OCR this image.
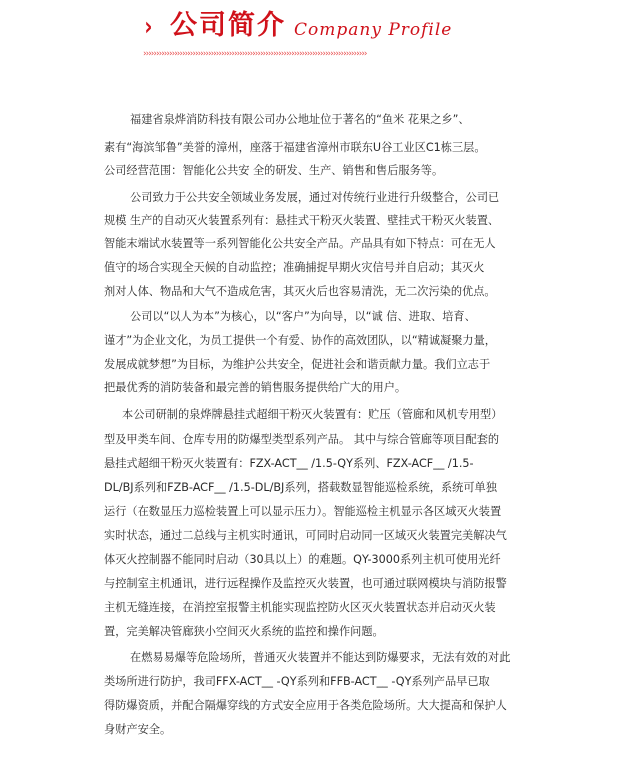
› 公司简介 Company Profile
››››››››››››››››››››››››››››››››››››››››››››››››››››››››››››››››››››››››››››››››››››››
福建省泉烨消防科技有限公司办公地址位于著名的“鱼米 花果之乡”、
素有“海滨邹鲁”美誉的漳州，座落于福建省漳州市联东U谷工业区C1栋三层。
公司经营范围：智能化公共安 全的研发、生产、销售和售后服务等。
公司致力于公共安全领域业务发展，通过对传统行业进行升级整合，公司已
规模 生产的自动灭火装置系列有：悬挂式干粉灭火装置、壁挂式干粉灭火装置、
智能末端试水装置等一系列智能化公共安全产品。产品具有如下特点：可在无人
值守的场合实现全天候的自动监控；准确捕捉早期火灾信号并自启动；其灭火
剂对人体、物品和大气不造成危害，其灭火后也容易清洗，无二次污染的优点。
公司以“以人为本”为核心，以“客户”为向导，以“诚 信、进取、培育、
谨才”为企业文化，为员工提供一个有爱、协作的高效团队，以“精诚凝聚力量，
发展成就梦想”为目标，为维护公共安全，促进社会和谐贡献力量。我们立志于
把最优秀的消防装备和最完善的销售服务提供给广大的用户。
本公司研制的泉烨牌悬挂式超细干粉灭火装置有：贮压（管廊和风机专用型）
型及甲类车间、仓库专用的防爆型类型系列产品。 其中与综合管廊等项目配套的
悬挂式超细干粉灭火装置有：FZX-ACT__ /1.5-QY系列、FZX-ACF__ /1.5-
DL/BJ系列和FZB-ACF__ /1.5-DL/BJ系列，搭载数显智能巡检系统，系统可单独
运行（在数显压力巡检装置上可以显示压力）。智能巡检主机显示各区域灭火装置
实时状态，通过二总线与主机实时通讯，可同时启动同一区域灭火装置完美解决气
体灭火控制器不能同时启动（30具以上）的难题。QY-3000系列主机可使用光纤
与控制室主机通讯，进行远程操作及监控灭火装置，也可通过联网模块与消防报警
主机无缝连接，在消控室报警主机能实现监控防火区灭火装置状态并启动灭火装
置，完美解决管廊狭小空间灭火系统的监控和操作问题。
在燃易易爆等危险场所，普通灭火装置并不能达到防爆要求，无法有效的对此
类场所进行防护，我司FFX-ACT__ -QY系列和FFB-ACT__ -QY系列产品早已取
得防爆资质，并配合隔爆穿线的方式安全应用于各类危险场所。大大提高和保护人
身财产安全。
